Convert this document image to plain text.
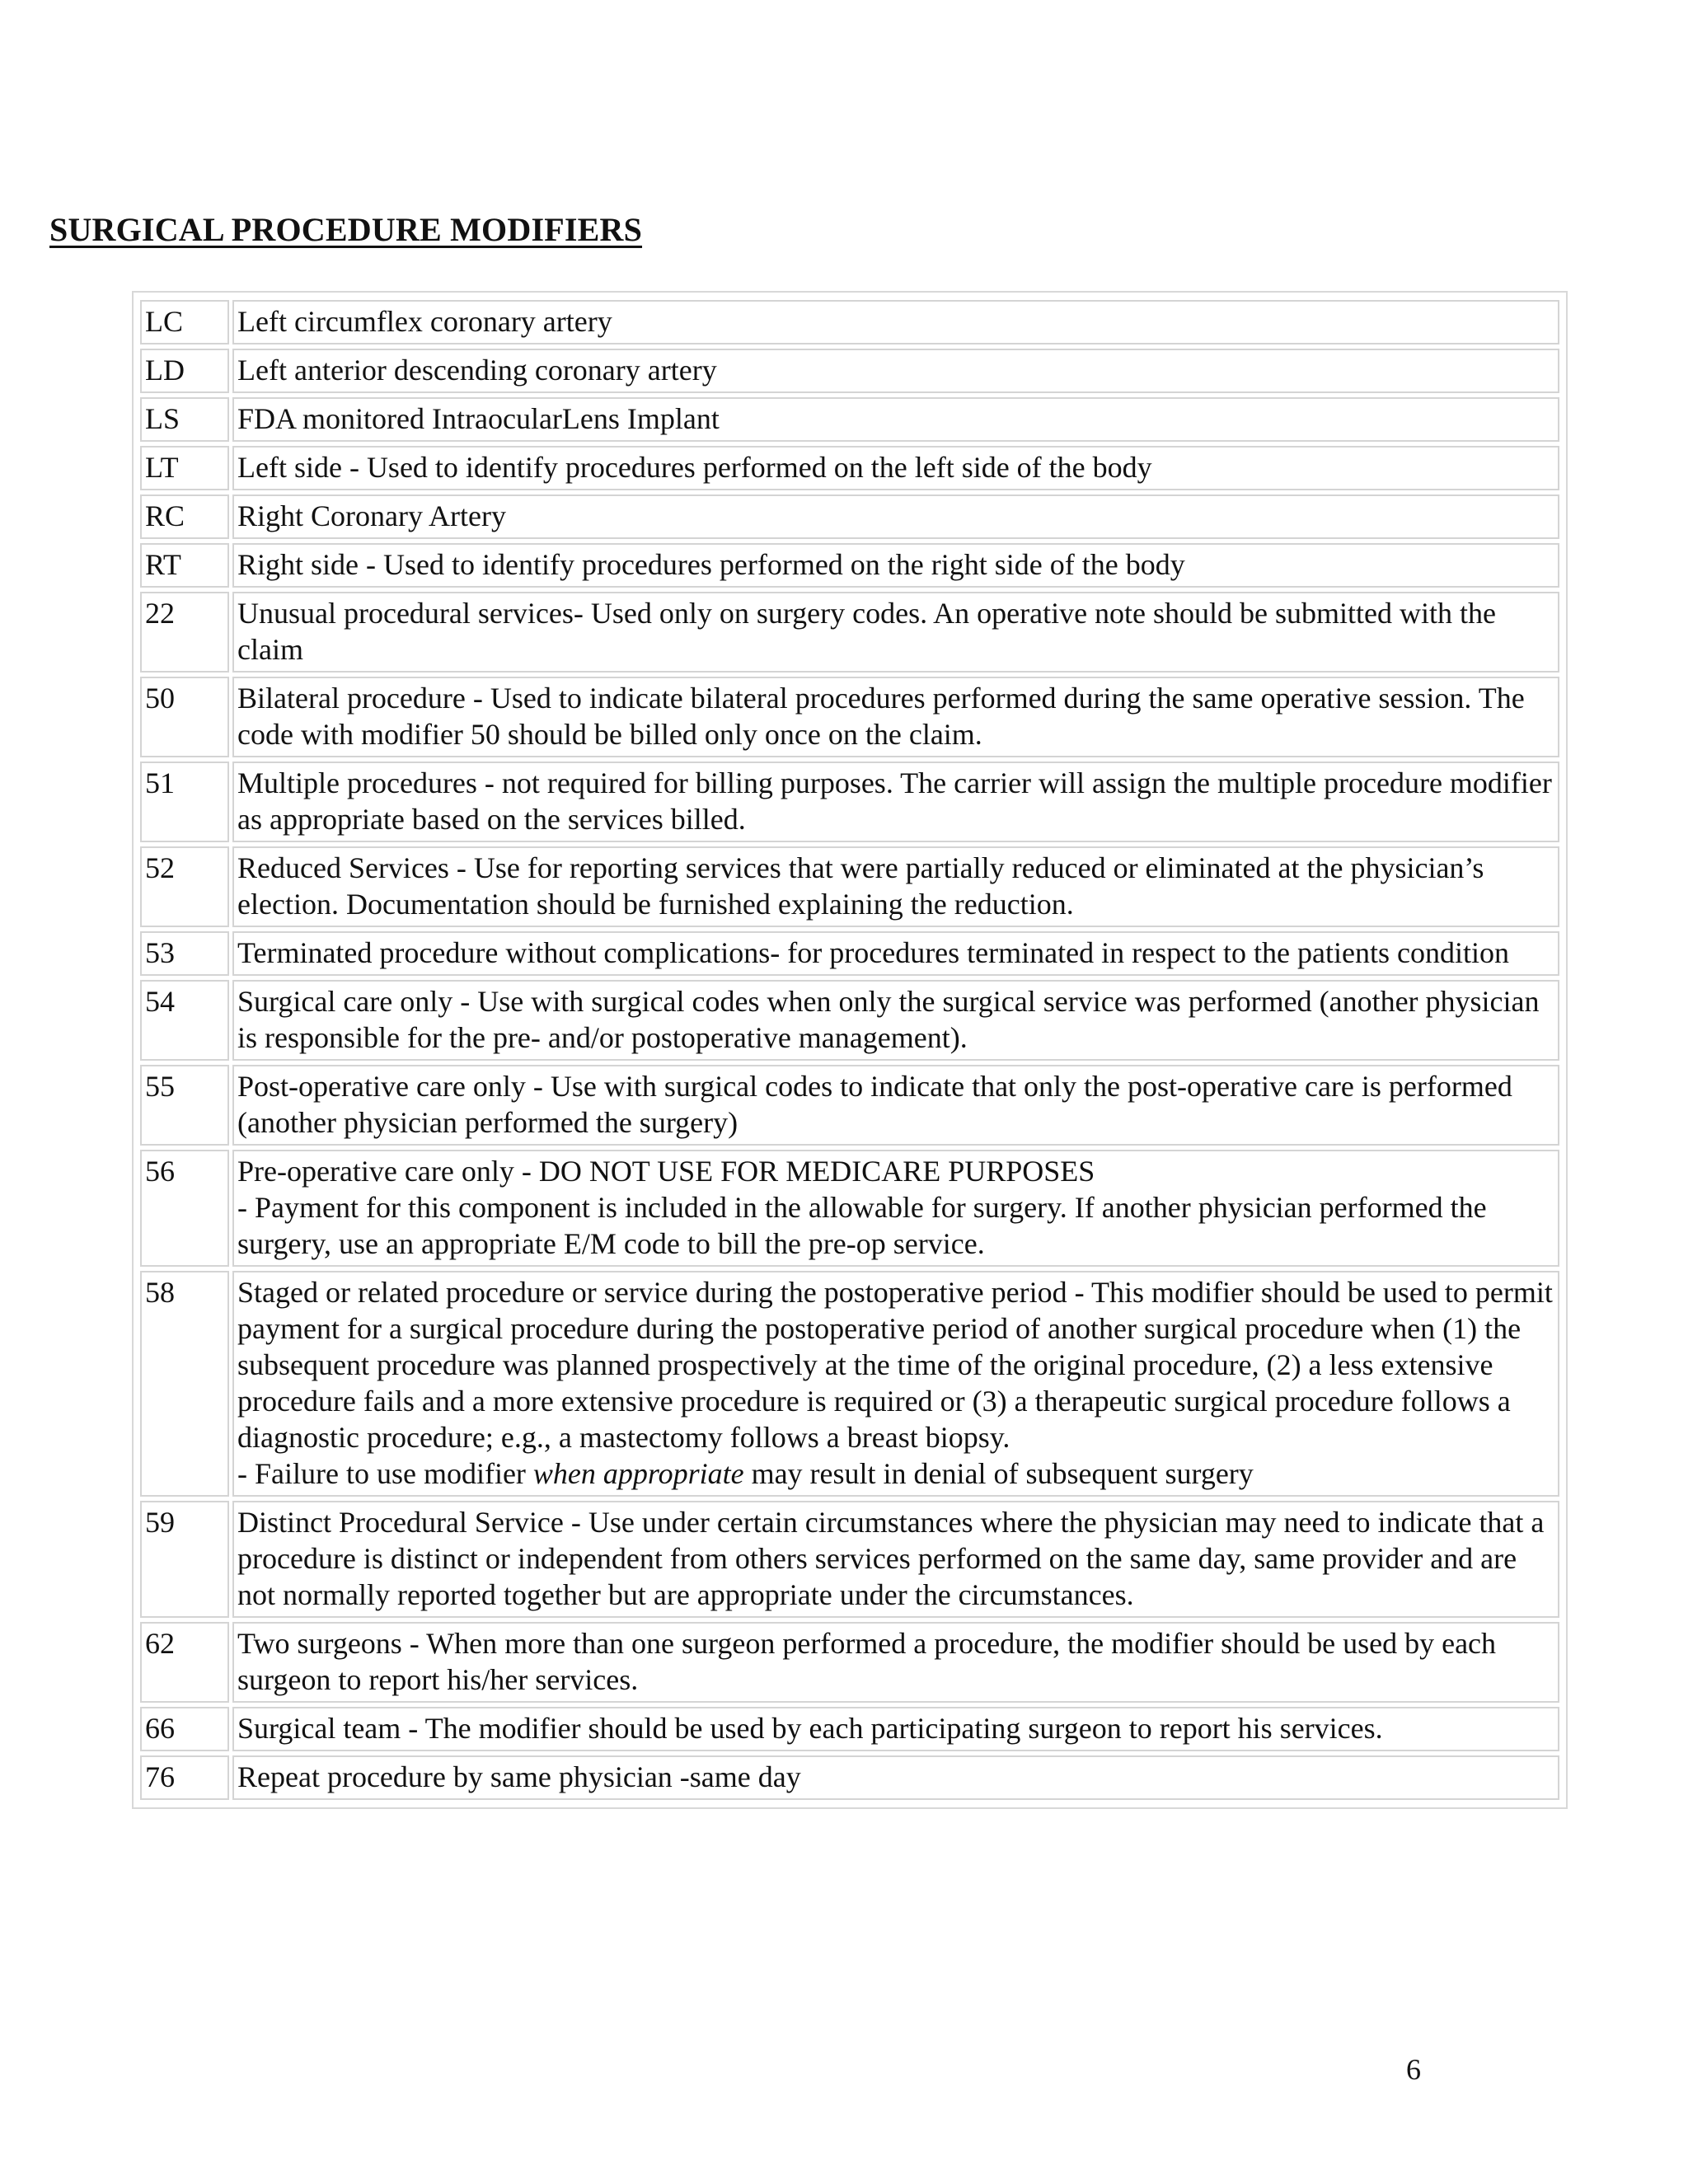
SURGICAL PROCEDURE MODIFIERS
LC	Left circumflex coronary artery

LD	Left anterior descending coronary artery

LS	FDA monitored IntraocularLens Implant

LT	Left side - Used to identify procedures performed on the left side of the body

RC	Right Coronary Artery

RT	Right side - Used to identify procedures performed on the right side of the body

22	Unusual procedural services- Used only on surgery codes. An operative note should be submitted with the claim

50	Bilateral procedure - Used to indicate bilateral procedures performed during the same operative session. The code with modifier 50 should be billed only once on the claim.

51	Multiple procedures - not required for billing purposes. The carrier will assign the multiple procedure modifier as appropriate based on the services billed.

52	Reduced Services - Use for reporting services that were partially reduced or eliminated at the physician’s election. Documentation should be furnished explaining the reduction.

53	Terminated procedure without complications- for procedures terminated in respect to the patients condition

54	Surgical care only - Use with surgical codes when only the surgical service was performed (another physician is responsible for the pre- and/or postoperative management).

55	Post-operative care only - Use with surgical codes to indicate that only the post-operative care is performed (another physician performed the surgery)

56	Pre-operative care only - DO NOT USE FOR MEDICARE PURPOSES
- Payment for this component is included in the allowable for surgery. If another physician performed the surgery, use an appropriate E/M code to bill the pre-op service.

58	Staged or related procedure or service during the postoperative period - This modifier should be used to permit payment for a surgical procedure during the postoperative period of another surgical procedure when (1) the subsequent procedure was planned prospectively at the time of the original procedure, (2) a less extensive procedure fails and a more extensive procedure is required or (3) a therapeutic surgical procedure follows a diagnostic procedure; e.g., a mastectomy follows a breast biopsy.
- Failure to use modifier when appropriate may result in denial of subsequent surgery

59	Distinct Procedural Service - Use under certain circumstances where the physician may need to indicate that a procedure is distinct or independent from others services performed on the same day, same provider and are not normally reported together but are appropriate under the circumstances.

62	Two surgeons - When more than one surgeon performed a procedure, the modifier should be used by each surgeon to report his/her services.

66	Surgical team - The modifier should be used by each participating surgeon to report his services.

76	Repeat procedure by same physician -same day
6
